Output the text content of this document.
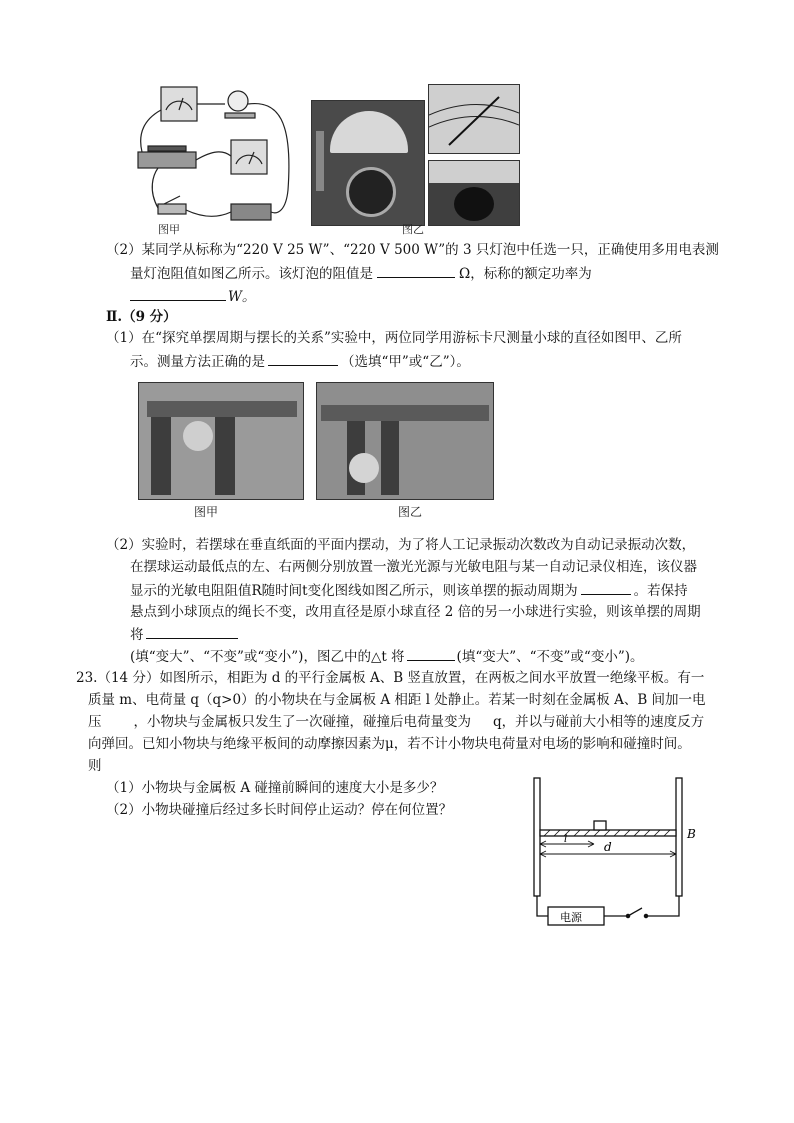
图甲	图乙
（2）某同学从标称为“220 V 25 W”、“220 V 500 W”的 3 只灯泡中任选一只，正确使用多用电表测
量灯泡阻值如图乙所示。该灯泡的阻值是	Ω，标称的额定功率为
W。
Ⅱ.（9 分）
（1）在“探究单摆周期与摆长的关系”实验中，两位同学用游标卡尺测量小球的直径如图甲、乙所
示。测量方法正确的是	（选填“甲”或“乙”）。
图甲	图乙
（2）实验时，若摆球在垂直纸面的平面内摆动，为了将人工记录振动次数改为自动记录振动次数，
在摆球运动最低点的左、右两侧分别放置一激光光源与光敏电阻与某一自动记录仪相连，该仪器
显示的光敏电阻阻值R随时间t变化图线如图乙所示，则该单摆的振动周期为	。若保持
悬点到小球顶点的绳长不变，改用直径是原小球直径 2 倍的另一小球进行实验，则该单摆的周期
将
(填“变大”、“不变”或“变小”)，图乙中的△t 将	(填“变大”、“不变”或“变小”)。
23.（14 分）如图所示，相距为 d 的平行金属板 A、B 竖直放置，在两板之间水平放置一绝缘平板。有一
质量 m、电荷量 q（q>0）的小物块在与金属板 A 相距 l 处静止。若某一时刻在金属板 A、B 间加一电
压 ，小物块与金属板只发生了一次碰撞，碰撞后电荷量变为 q，并以与碰前大小相等的速度反方
向弹回。已知小物块与绝缘平板间的动摩擦因素为μ，若不计小物块电荷量对电场的影响和碰撞时间。
则
（1）小物块与金属板 A 碰撞前瞬间的速度大小是多少？
（2）小物块碰撞后经过多长时间停止运动？停在何位置？
B
l
d
电源
